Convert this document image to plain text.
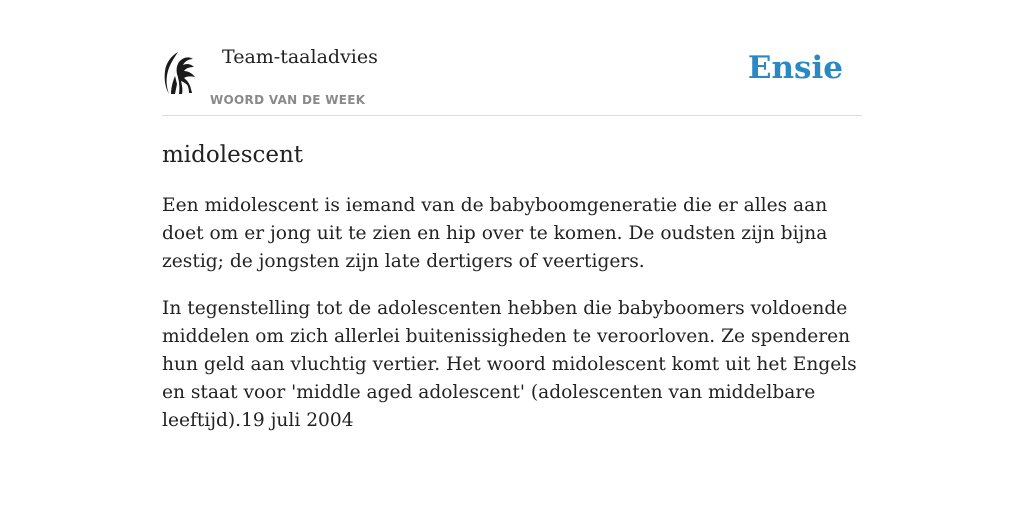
Team-taaladvies
WOORD VAN DE WEEK
Ensie
midolescent

Een midolescent is iemand van de babyboomgeneratie die er alles aan doet om er jong uit te zien en hip over te komen. De oudsten zijn bijna zestig; de jongsten zijn late dertigers of veertigers.

In tegenstelling tot de adolescenten hebben die babyboomers voldoende middelen om zich allerlei buitenissigheden te veroorloven. Ze spenderen hun geld aan vluchtig vertier. Het woord midolescent komt uit het Engels en staat voor 'middle aged adolescent' (adolescenten van middelbare leeftijd).19 juli 2004
